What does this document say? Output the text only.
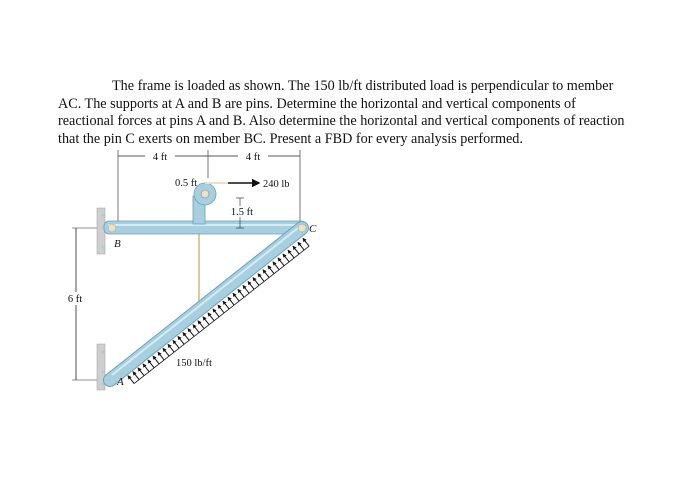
The frame is loaded as shown. The 150 lb/ft distributed load is perpendicular to member
AC. The supports at A and B are pins. Determine the horizontal and vertical components of
reactional forces at pins A and B. Also determine the horizontal and vertical components of reaction
that the pin C exerts on member BC. Present a FBD for every analysis performed.

4 ft	4 ft
6 ft
240 lb
0.5 ft
1.5 ft
B
C
A
150 lb/ft
